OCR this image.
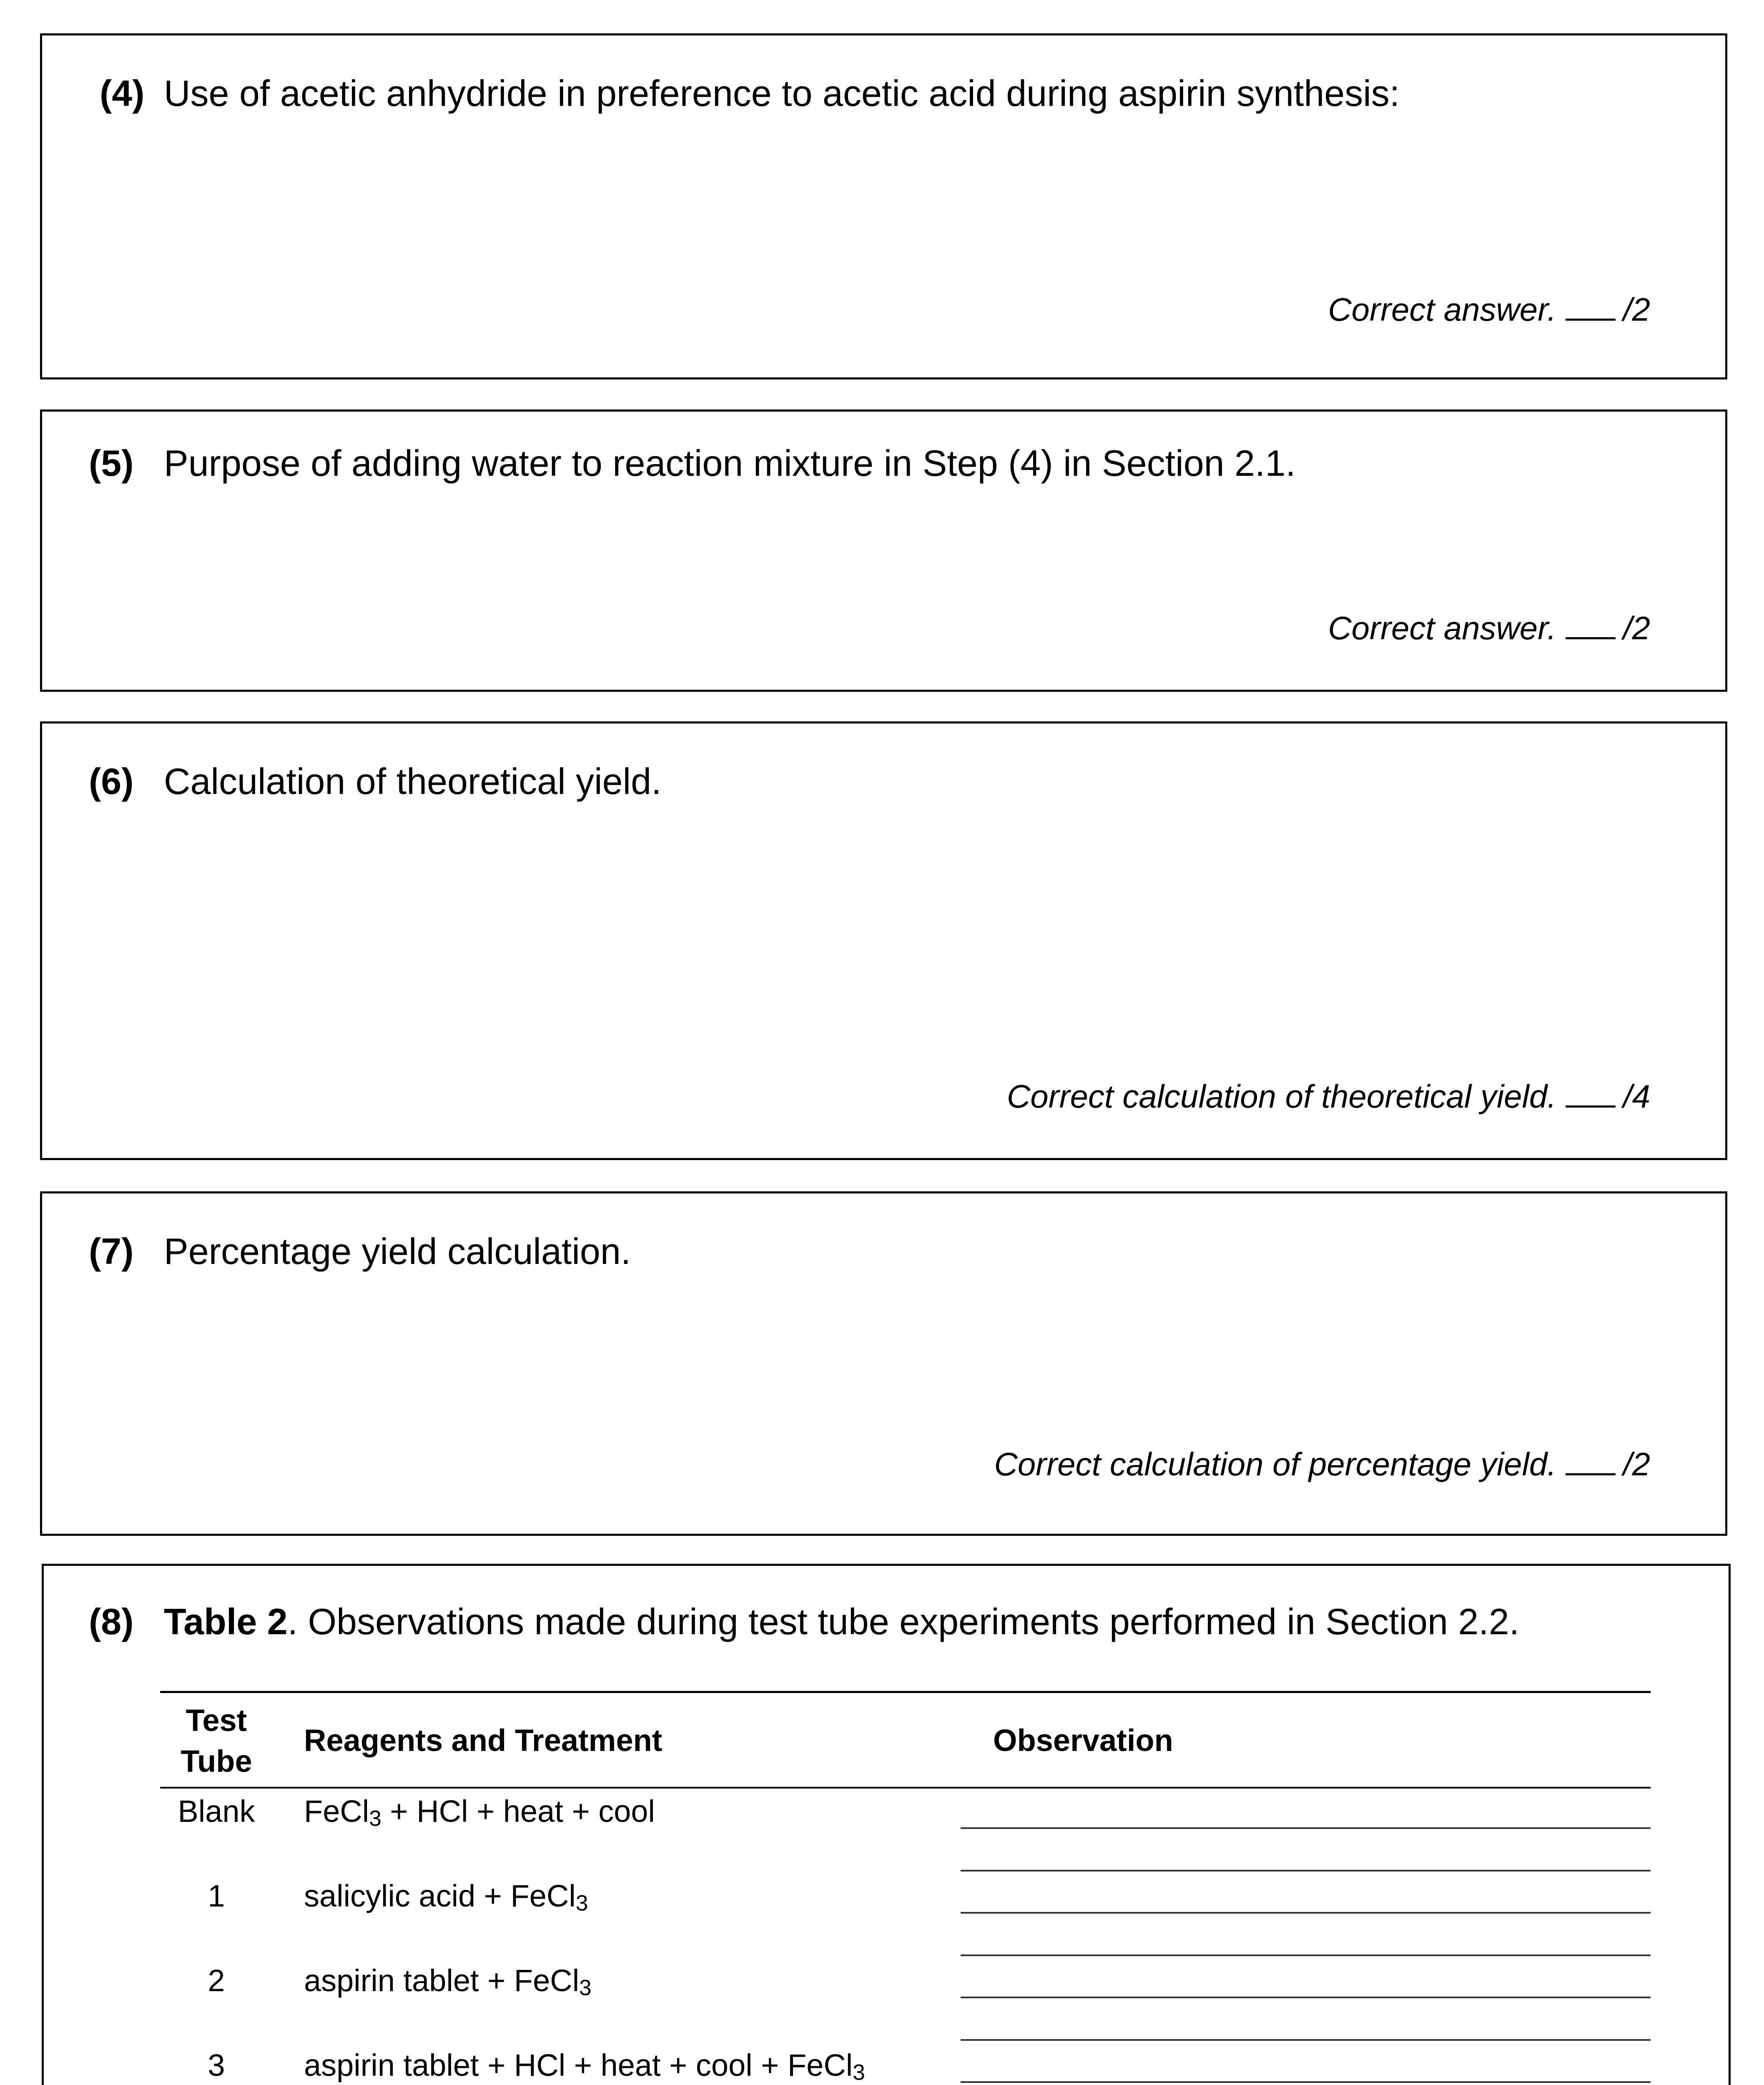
(4) Use of acetic anhydride in preference to acetic acid during aspirin synthesis:
Correct answer. /2
(5) Purpose of adding water to reaction mixture in Step (4) in Section 2.1.
Correct answer. /2
(6) Calculation of theoretical yield.
Correct calculation of theoretical yield. /4
(7) Percentage yield calculation.
Correct calculation of percentage yield. /2
(8) Table 2. Observations made during test tube experiments performed in Section 2.2.
Test
Tube
Reagents and Treatment	Observation
Blank	FeCl$_3$ + HCl + heat + cool
1	salicylic acid + FeCl$_3$
2	aspirin tablet + FeCl$_3$
3	aspirin tablet + HCl + heat + cool + FeCl$_3$
